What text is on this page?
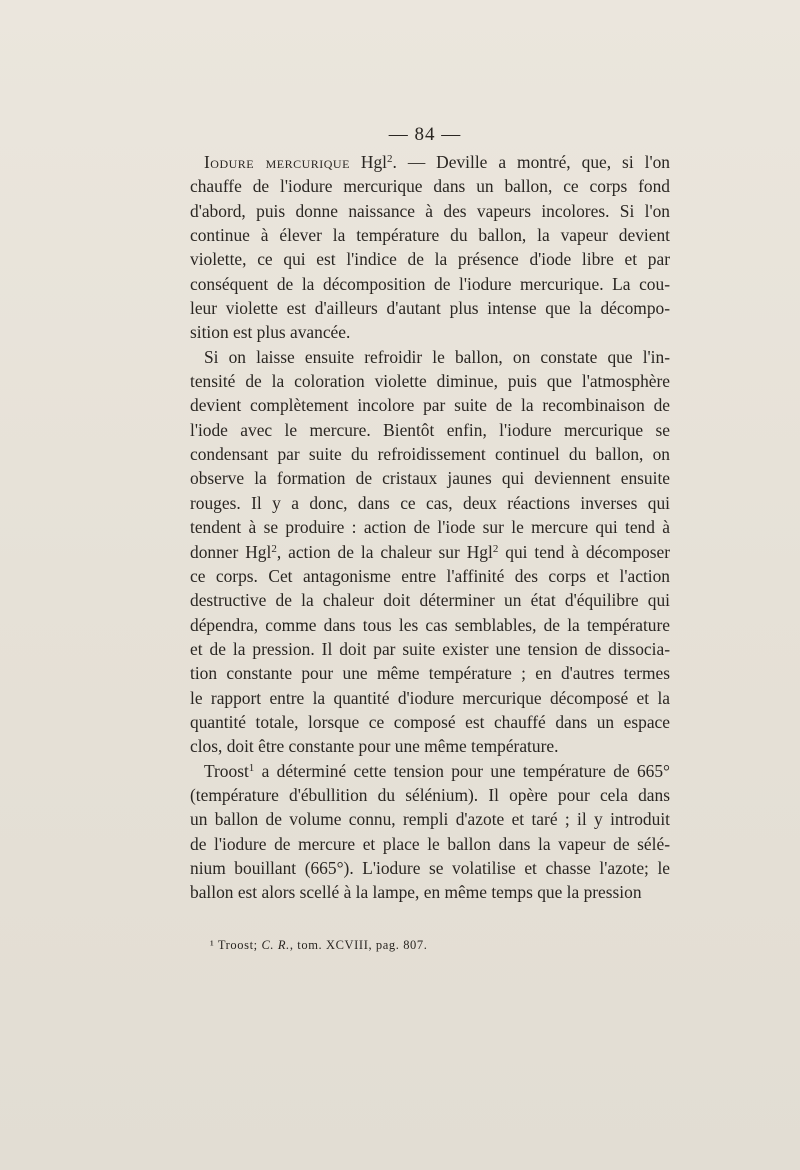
— 84 —
Iodure mercurique Hgl$^2$. — Deville a montré, que, si l'on
chauffe de l'iodure mercurique dans un ballon, ce corps fond
d'abord, puis donne naissance à des vapeurs incolores. Si l'on
continue à élever la température du ballon, la vapeur devient
violette, ce qui est l'indice de la présence d'iode libre et par
conséquent de la décomposition de l'iodure mercurique. La cou-
leur violette est d'ailleurs d'autant plus intense que la décompo-
sition est plus avancée.
Si on laisse ensuite refroidir le ballon, on constate que l'in-
tensité de la coloration violette diminue, puis que l'atmosphère
devient complètement incolore par suite de la recombinaison de
l'iode avec le mercure. Bientôt enfin, l'iodure mercurique se
condensant par suite du refroidissement continuel du ballon, on
observe la formation de cristaux jaunes qui deviennent ensuite
rouges. Il y a donc, dans ce cas, deux réactions inverses qui
tendent à se produire : action de l'iode sur le mercure qui tend à
donner Hgl$^2$, action de la chaleur sur Hgl$^2$ qui tend à décomposer
ce corps. Cet antagonisme entre l'affinité des corps et l'action
destructive de la chaleur doit déterminer un état d'équilibre qui
dépendra, comme dans tous les cas semblables, de la température
et de la pression. Il doit par suite exister une tension de dissocia-
tion constante pour une même température ; en d'autres termes
le rapport entre la quantité d'iodure mercurique décomposé et la
quantité totale, lorsque ce composé est chauffé dans un espace
clos, doit être constante pour une même température.
Troost$^1$ a déterminé cette tension pour une température de 665°
(température d'ébullition du sélénium). Il opère pour cela dans
un ballon de volume connu, rempli d'azote et taré ; il y introduit
de l'iodure de mercure et place le ballon dans la vapeur de sélé-
nium bouillant (665°). L'iodure se volatilise et chasse l'azote; le
ballon est alors scellé à la lampe, en même temps que la pression
¹ Troost; C. R., tom. XCVIII, pag. 807.
